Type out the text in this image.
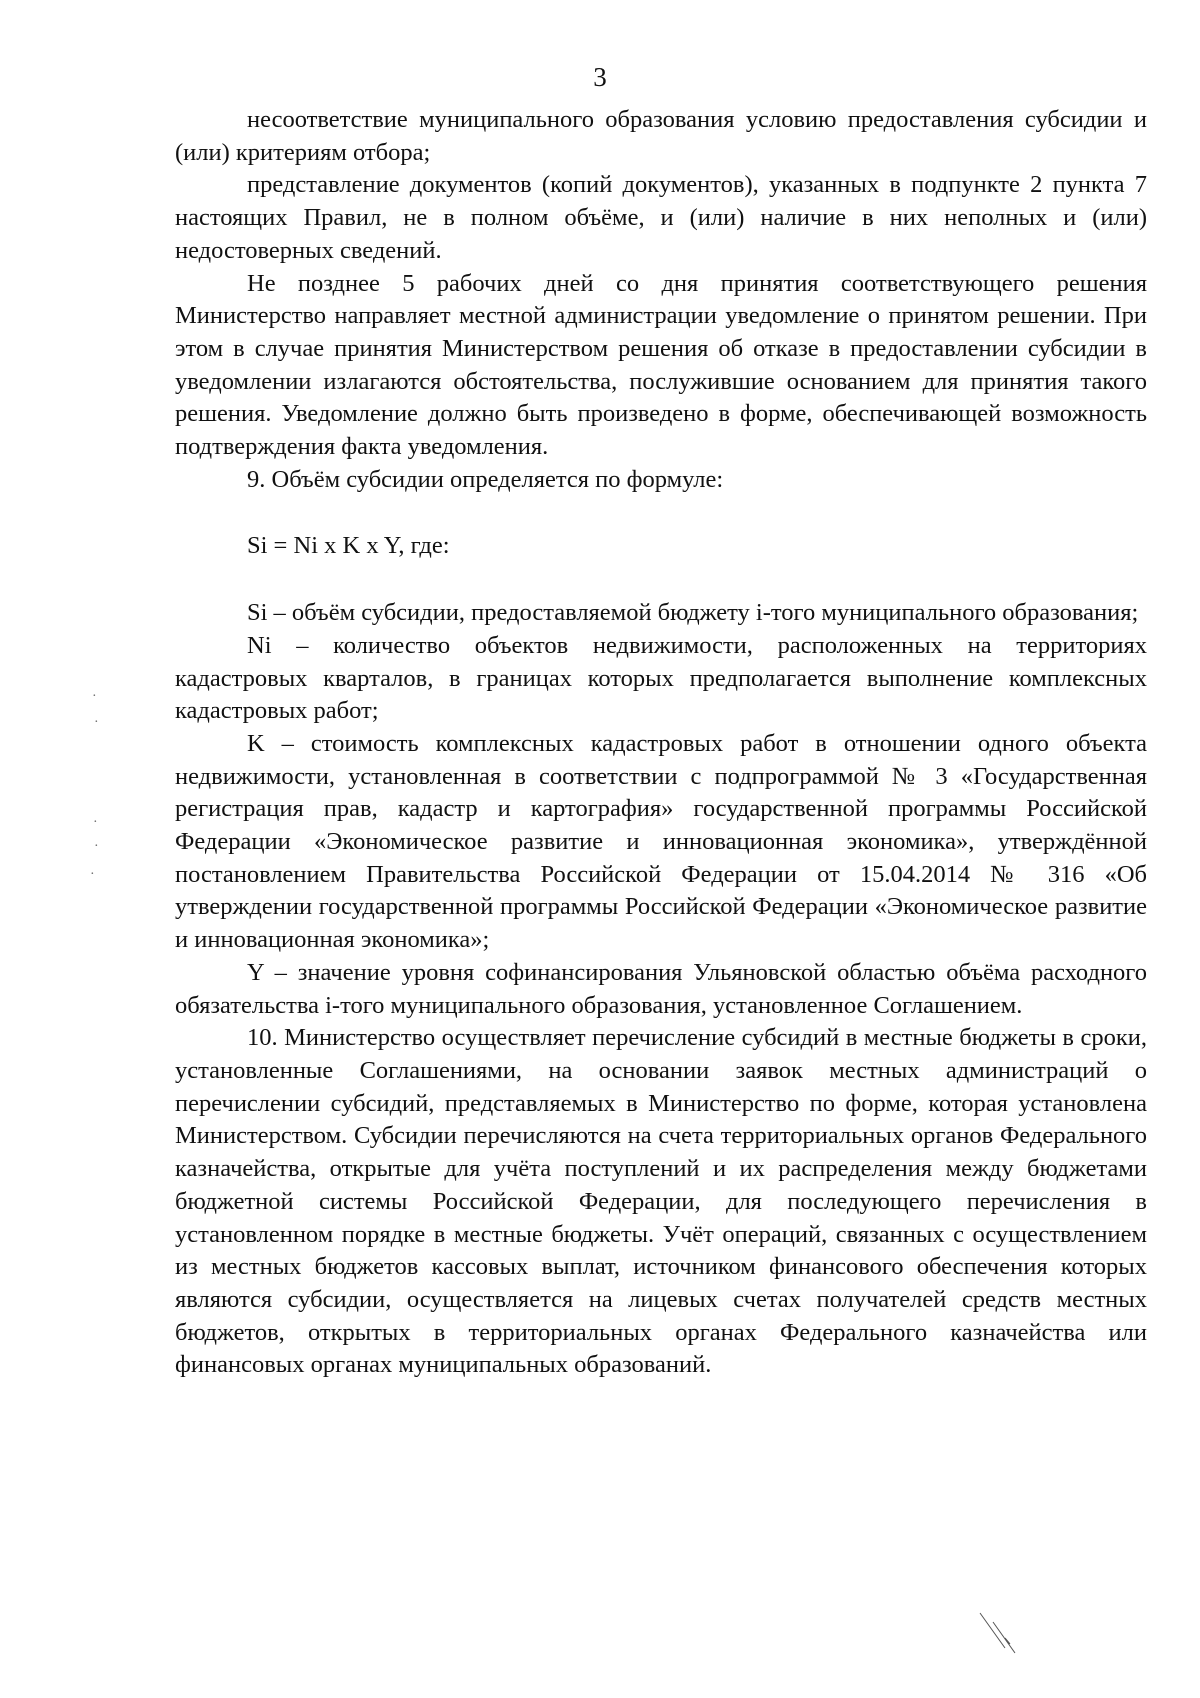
3

несоответствие муниципального образования условию предоставления субсидии и (или) критериям отбора;

представление документов (копий документов), указанных в подпункте 2 пункта 7 настоящих Правил, не в полном объёме, и (или) наличие в них неполных и (или) недостоверных сведений.

Не позднее 5 рабочих дней со дня принятия соответствующего решения Министерство направляет местной администрации уведомление о принятом решении. При этом в случае принятия Министерством решения об отказе в предоставлении субсидии в уведомлении излагаются обстоятельства, послужившие основанием для принятия такого решения. Уведомление должно быть произведено в форме, обеспечивающей возможность подтверждения факта уведомления.

9. Объём субсидии определяется по формуле:

Si = Ni x K x Y, где:

Si – объём субсидии, предоставляемой бюджету i-того муниципального образования;

Ni – количество объектов недвижимости, расположенных на территориях кадастровых кварталов, в границах которых предполагается выполнение комплексных кадастровых работ;

K – стоимость комплексных кадастровых работ в отношении одного объекта недвижимости, установленная в соответствии с подпрограммой № 3 «Государственная регистрация прав, кадастр и картография» государственной программы Российской Федерации «Экономическое развитие и инновационная экономика», утверждённой постановлением Правительства Российской Федерации от 15.04.2014 № 316 «Об утверждении государственной программы Российской Федерации «Экономическое развитие и инновационная экономика»;

Y – значение уровня софинансирования Ульяновской областью объёма расходного обязательства i-того муниципального образования, установленное Соглашением.

10. Министерство осуществляет перечисление субсидий в местные бюджеты в сроки, установленные Соглашениями, на основании заявок местных администраций о перечислении субсидий, представляемых в Министерство по форме, которая установлена Министерством. Субсидии перечисляются на счета территориальных органов Федерального казначейства, открытые для учёта поступлений и их распределения между бюджетами бюджетной системы Российской Федерации, для последующего перечисления в установленном порядке в местные бюджеты. Учёт операций, связанных с осуществлением из местных бюджетов кассовых выплат, источником финансового обеспечения которых являются субсидии, осуществляется на лицевых счетах получателей средств местных бюджетов, открытых в территориальных органах Федерального казначейства или финансовых органах муниципальных образований.

·
·
·
·
·
